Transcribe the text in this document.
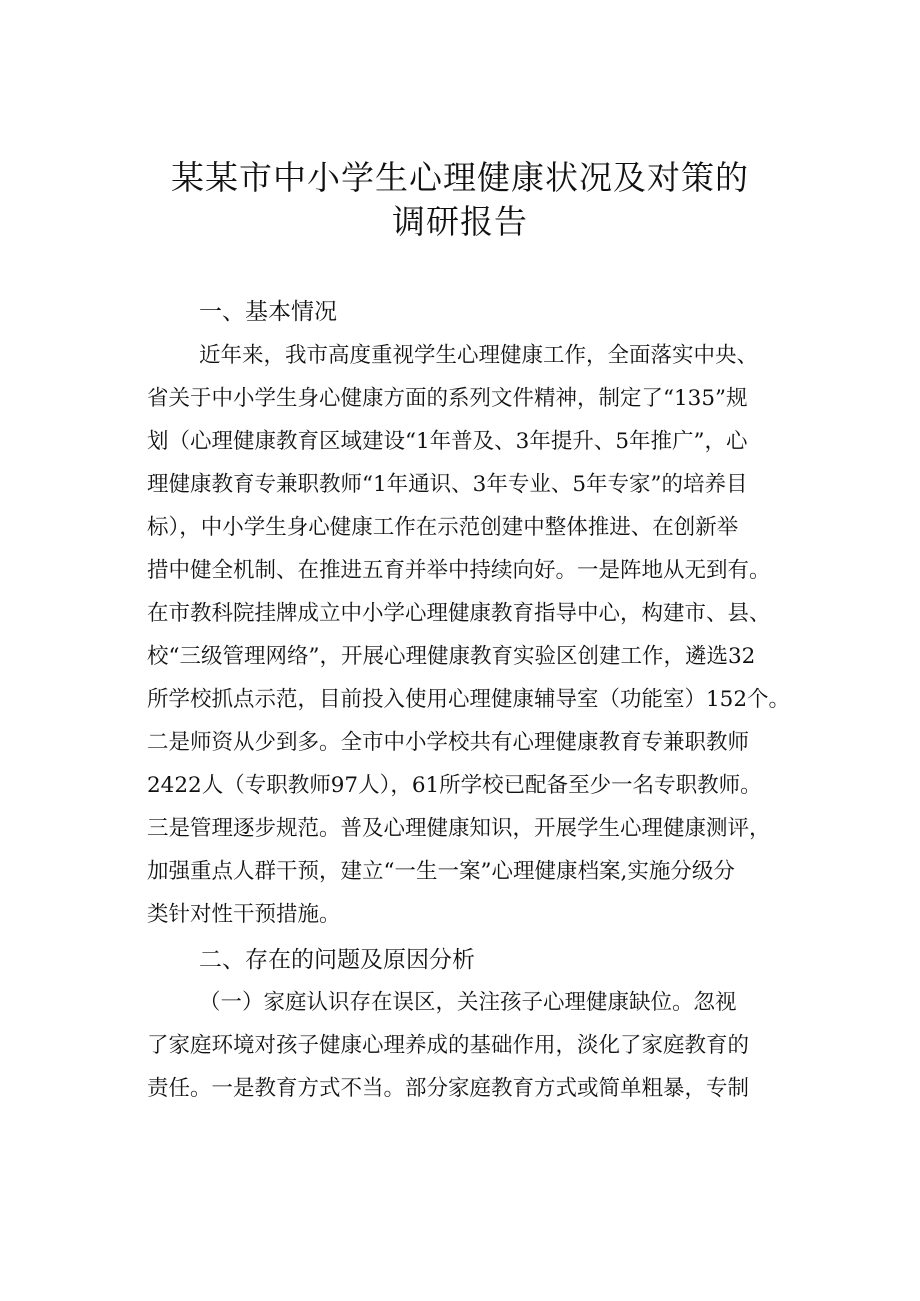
某某市中小学生心理健康状况及对策的
调研报告
一、基本情况

近年来，我市高度重视学生心理健康工作，全面落实中央、

省关于中小学生身心健康方面的系列文件精神，制定了“135”规

划（心理健康教育区域建设“1年普及、3年提升、5年推广”，心

理健康教育专兼职教师“1年通识、3年专业、5年专家”的培养目

标），中小学生身心健康工作在示范创建中整体推进、在创新举

措中健全机制、在推进五育并举中持续向好。一是阵地从无到有。

在市教科院挂牌成立中小学心理健康教育指导中心，构建市、县、

校“三级管理网络”，开展心理健康教育实验区创建工作，遴选32

所学校抓点示范，目前投入使用心理健康辅导室（功能室）152个。

二是师资从少到多。全市中小学校共有心理健康教育专兼职教师

2422人（专职教师97人），61所学校已配备至少一名专职教师。

三是管理逐步规范。普及心理健康知识，开展学生心理健康测评，

加强重点人群干预，建立“一生一案”心理健康档案,实施分级分

类针对性干预措施。

二、存在的问题及原因分析

（一）家庭认识存在误区，关注孩子心理健康缺位。忽视

了家庭环境对孩子健康心理养成的基础作用，淡化了家庭教育的

责任。一是教育方式不当。部分家庭教育方式或简单粗暴，专制
